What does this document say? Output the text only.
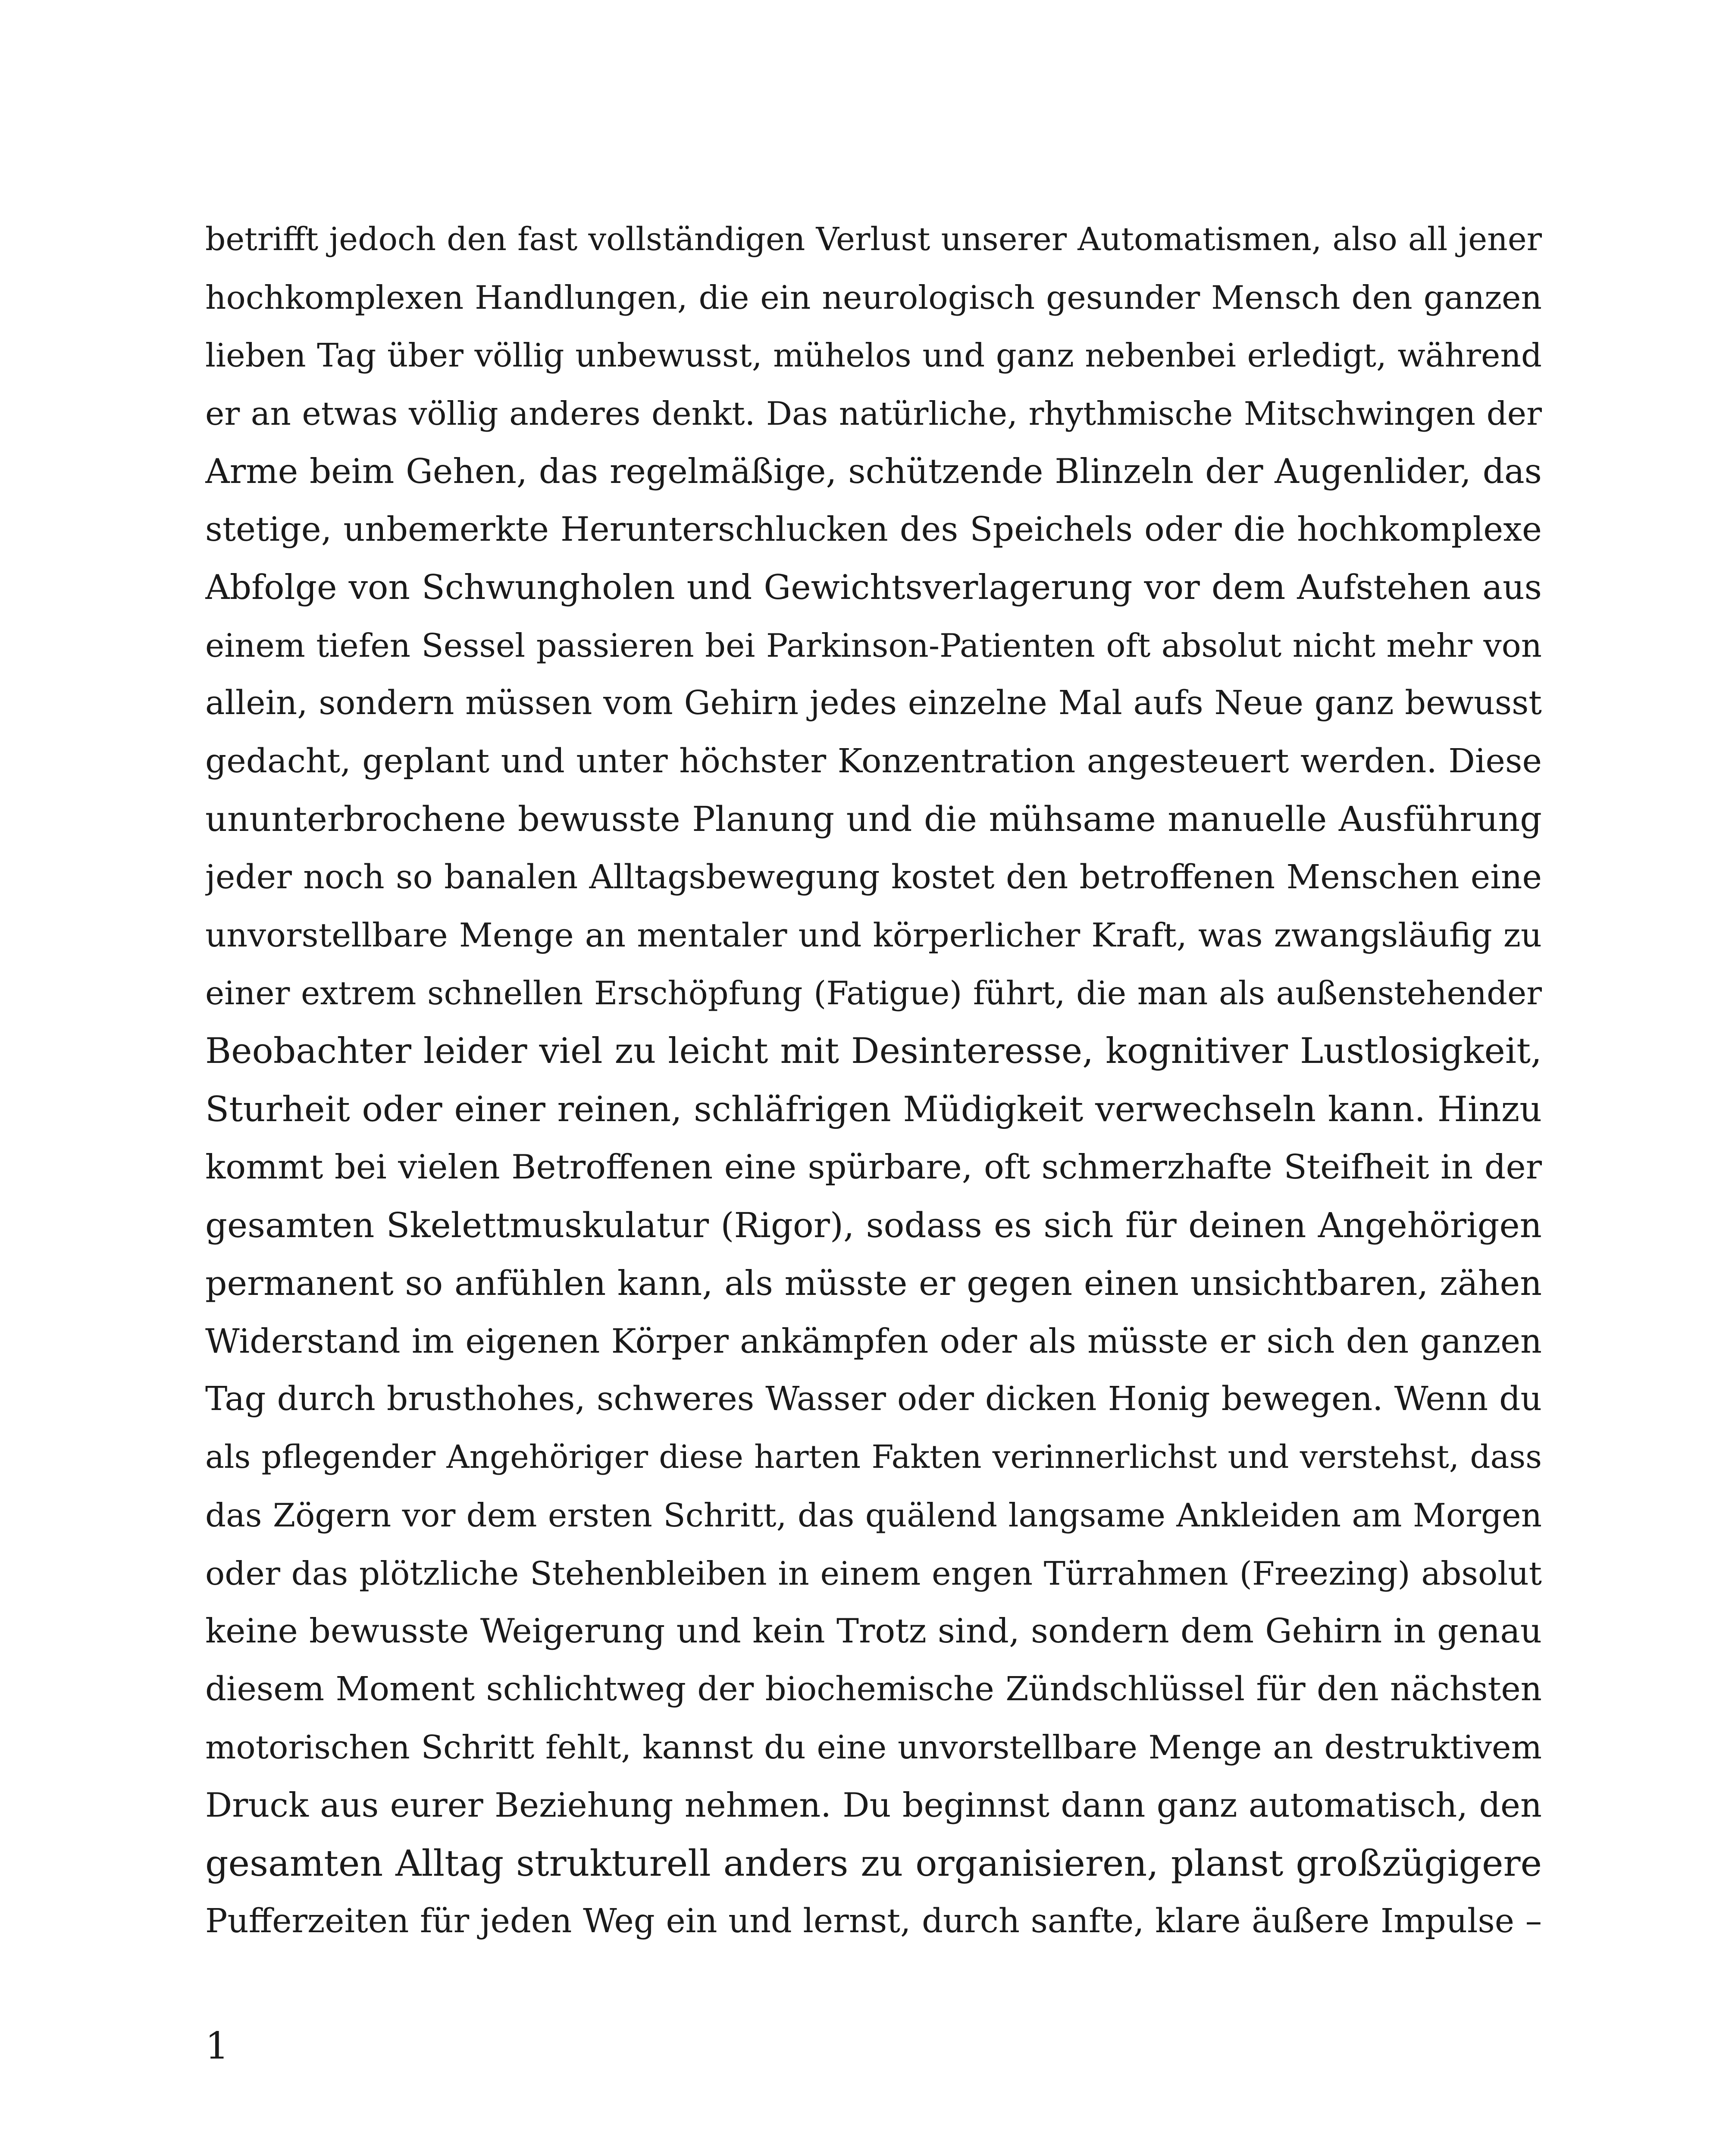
betrifft jedoch den fast vollständigen Verlust unserer Automatismen, also all jener
hochkomplexen Handlungen, die ein neurologisch gesunder Mensch den ganzen
lieben Tag über völlig unbewusst, mühelos und ganz nebenbei erledigt, während
er an etwas völlig anderes denkt. Das natürliche, rhythmische Mitschwingen der
Arme beim Gehen, das regelmäßige, schützende Blinzeln der Augenlider, das
stetige, unbemerkte Herunterschlucken des Speichels oder die hochkomplexe
Abfolge von Schwungholen und Gewichtsverlagerung vor dem Aufstehen aus
einem tiefen Sessel passieren bei Parkinson-Patienten oft absolut nicht mehr von
allein, sondern müssen vom Gehirn jedes einzelne Mal aufs Neue ganz bewusst
gedacht, geplant und unter höchster Konzentration angesteuert werden. Diese
ununterbrochene bewusste Planung und die mühsame manuelle Ausführung
jeder noch so banalen Alltagsbewegung kostet den betroffenen Menschen eine
unvorstellbare Menge an mentaler und körperlicher Kraft, was zwangsläufig zu
einer extrem schnellen Erschöpfung (Fatigue) führt, die man als außenstehender
Beobachter leider viel zu leicht mit Desinteresse, kognitiver Lustlosigkeit,
Sturheit oder einer reinen, schläfrigen Müdigkeit verwechseln kann. Hinzu
kommt bei vielen Betroffenen eine spürbare, oft schmerzhafte Steifheit in der
gesamten Skelettmuskulatur (Rigor), sodass es sich für deinen Angehörigen
permanent so anfühlen kann, als müsste er gegen einen unsichtbaren, zähen
Widerstand im eigenen Körper ankämpfen oder als müsste er sich den ganzen
Tag durch brusthohes, schweres Wasser oder dicken Honig bewegen. Wenn du
als pflegender Angehöriger diese harten Fakten verinnerlichst und verstehst, dass
das Zögern vor dem ersten Schritt, das quälend langsame Ankleiden am Morgen
oder das plötzliche Stehenbleiben in einem engen Türrahmen (Freezing) absolut
keine bewusste Weigerung und kein Trotz sind, sondern dem Gehirn in genau
diesem Moment schlichtweg der biochemische Zündschlüssel für den nächsten
motorischen Schritt fehlt, kannst du eine unvorstellbare Menge an destruktivem
Druck aus eurer Beziehung nehmen. Du beginnst dann ganz automatisch, den
gesamten Alltag strukturell anders zu organisieren, planst großzügigere
Pufferzeiten für jeden Weg ein und lernst, durch sanfte, klare äußere Impulse –
1
